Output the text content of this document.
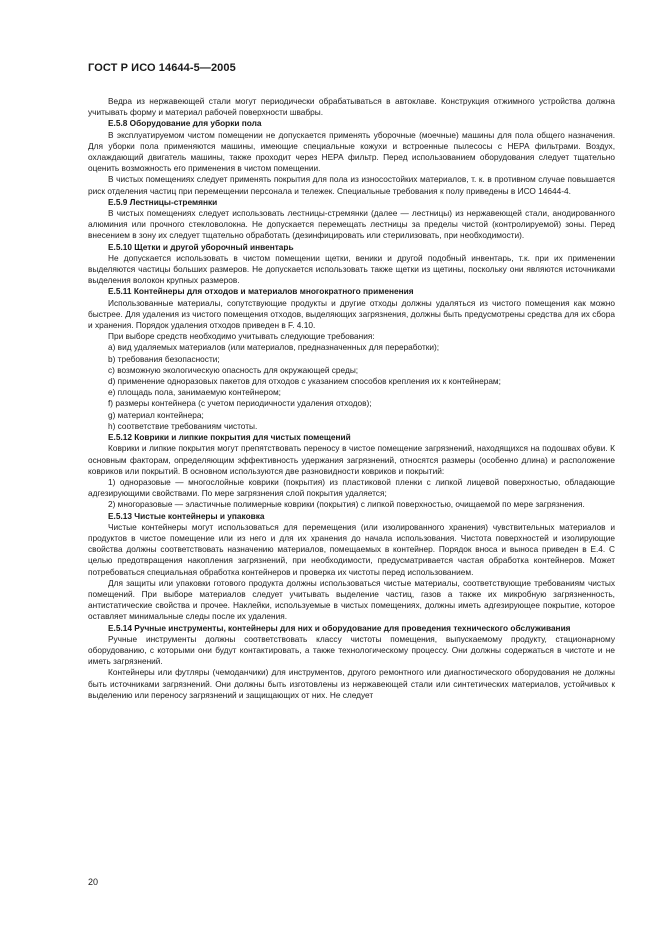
ГОСТ Р ИСО 14644-5—2005
Ведра из нержавеющей стали могут периодически обрабатываться в автоклаве. Конструкция отжимного устройства должна учитывать форму и материал рабочей поверхности швабры.
Е.5.8 Оборудование для уборки пола
В эксплуатируемом чистом помещении не допускается применять уборочные (моечные) машины для пола общего назначения. Для уборки пола применяются машины, имеющие специальные кожухи и встроенные пылесосы с НЕРА фильтрами. Воздух, охлаждающий двигатель машины, также проходит через НЕРА фильтр. Перед использованием оборудования следует тщательно оценить возможность его применения в чистом помещении.
В чистых помещениях следует применять покрытия для пола из износостойких материалов, т. к. в противном случае повышается риск отделения частиц при перемещении персонала и тележек. Специальные требования к полу приведены в ИСО 14644-4.
Е.5.9 Лестницы-стремянки
В чистых помещениях следует использовать лестницы-стремянки (далее — лестницы) из нержавеющей стали, анодированного алюминия или прочного стекловолокна. Не допускается перемещать лестницы за пределы чистой (контролируемой) зоны. Перед внесением в зону их следует тщательно обработать (дезинфицировать или стерилизовать, при необходимости).
Е.5.10 Щетки и другой уборочный инвентарь
Не допускается использовать в чистом помещении щетки, веники и другой подобный инвентарь, т.к. при их применении выделяются частицы больших размеров. Не допускается использовать также щетки из щетины, поскольку они являются источниками выделения волокон крупных размеров.
Е.5.11 Контейнеры для отходов и материалов многократного применения
Использованные материалы, сопутствующие продукты и другие отходы должны удаляться из чистого помещения как можно быстрее. Для удаления из чистого помещения отходов, выделяющих загрязнения, должны быть предусмотрены средства для их сбора и хранения. Порядок удаления отходов приведен в F. 4.10.
При выборе средств необходимо учитывать следующие требования:
а) вид удаляемых материалов (или материалов, предназначенных для переработки);
b) требования безопасности;
c) возможную экологическую опасность для окружающей среды;
d) применение одноразовых пакетов для отходов с указанием способов крепления их к контейнерам;
e) площадь пола, занимаемую контейнером;
f) размеры контейнера (с учетом периодичности удаления отходов);
g) материал контейнера;
h) соответствие требованиям чистоты.
Е.5.12 Коврики и липкие покрытия для чистых помещений
Коврики и липкие покрытия могут препятствовать переносу в чистое помещение загрязнений, находящихся на подошвах обуви. К основным факторам, определяющим эффективность удержания загрязнений, относятся размеры (особенно длина) и расположение ковриков или покрытий. В основном используются две разновидности ковриков и покрытий:
1) одноразовые — многослойные коврики (покрытия) из пластиковой пленки с липкой лицевой поверхностью, обладающие адгезирующими свойствами. По мере загрязнения слой покрытия удаляется;
2) многоразовые — эластичные полимерные коврики (покрытия) с липкой поверхностью, очищаемой по мере загрязнения.
Е.5.13 Чистые контейнеры и упаковка
Чистые контейнеры могут использоваться для перемещения (или изолированного хранения) чувствительных материалов и продуктов в чистое помещение или из него и для их хранения до начала использования. Чистота поверхностей и изолирующие свойства должны соответствовать назначению материалов, помещаемых в контейнер. Порядок вноса и выноса приведен в Е.4. С целью предотвращения накопления загрязнений, при необходимости, предусматривается частая обработка контейнеров. Может потребоваться специальная обработка контейнеров и проверка их чистоты перед использованием.
Для защиты или упаковки готового продукта должны использоваться чистые материалы, соответствующие требованиям чистых помещений. При выборе материалов следует учитывать выделение частиц, газов а также их микробную загрязненность, антистатические свойства и прочее. Наклейки, используемые в чистых помещениях, должны иметь адгезирующее покрытие, которое оставляет минимальные следы после их удаления.
Е.5.14 Ручные инструменты, контейнеры для них и оборудование для проведения технического обслуживания
Ручные инструменты должны соответствовать классу чистоты помещения, выпускаемому продукту, стационарному оборудованию, с которыми они будут контактировать, а также технологическому процессу. Они должны содержаться в чистоте и не иметь загрязнений.
Контейнеры или футляры (чемоданчики) для инструментов, другого ремонтного или диагностического оборудования не должны быть источниками загрязнений. Они должны быть изготовлены из нержавеющей стали или синтетических материалов, устойчивых к выделению или переносу загрязнений и защищающих от них. Не следует
20
